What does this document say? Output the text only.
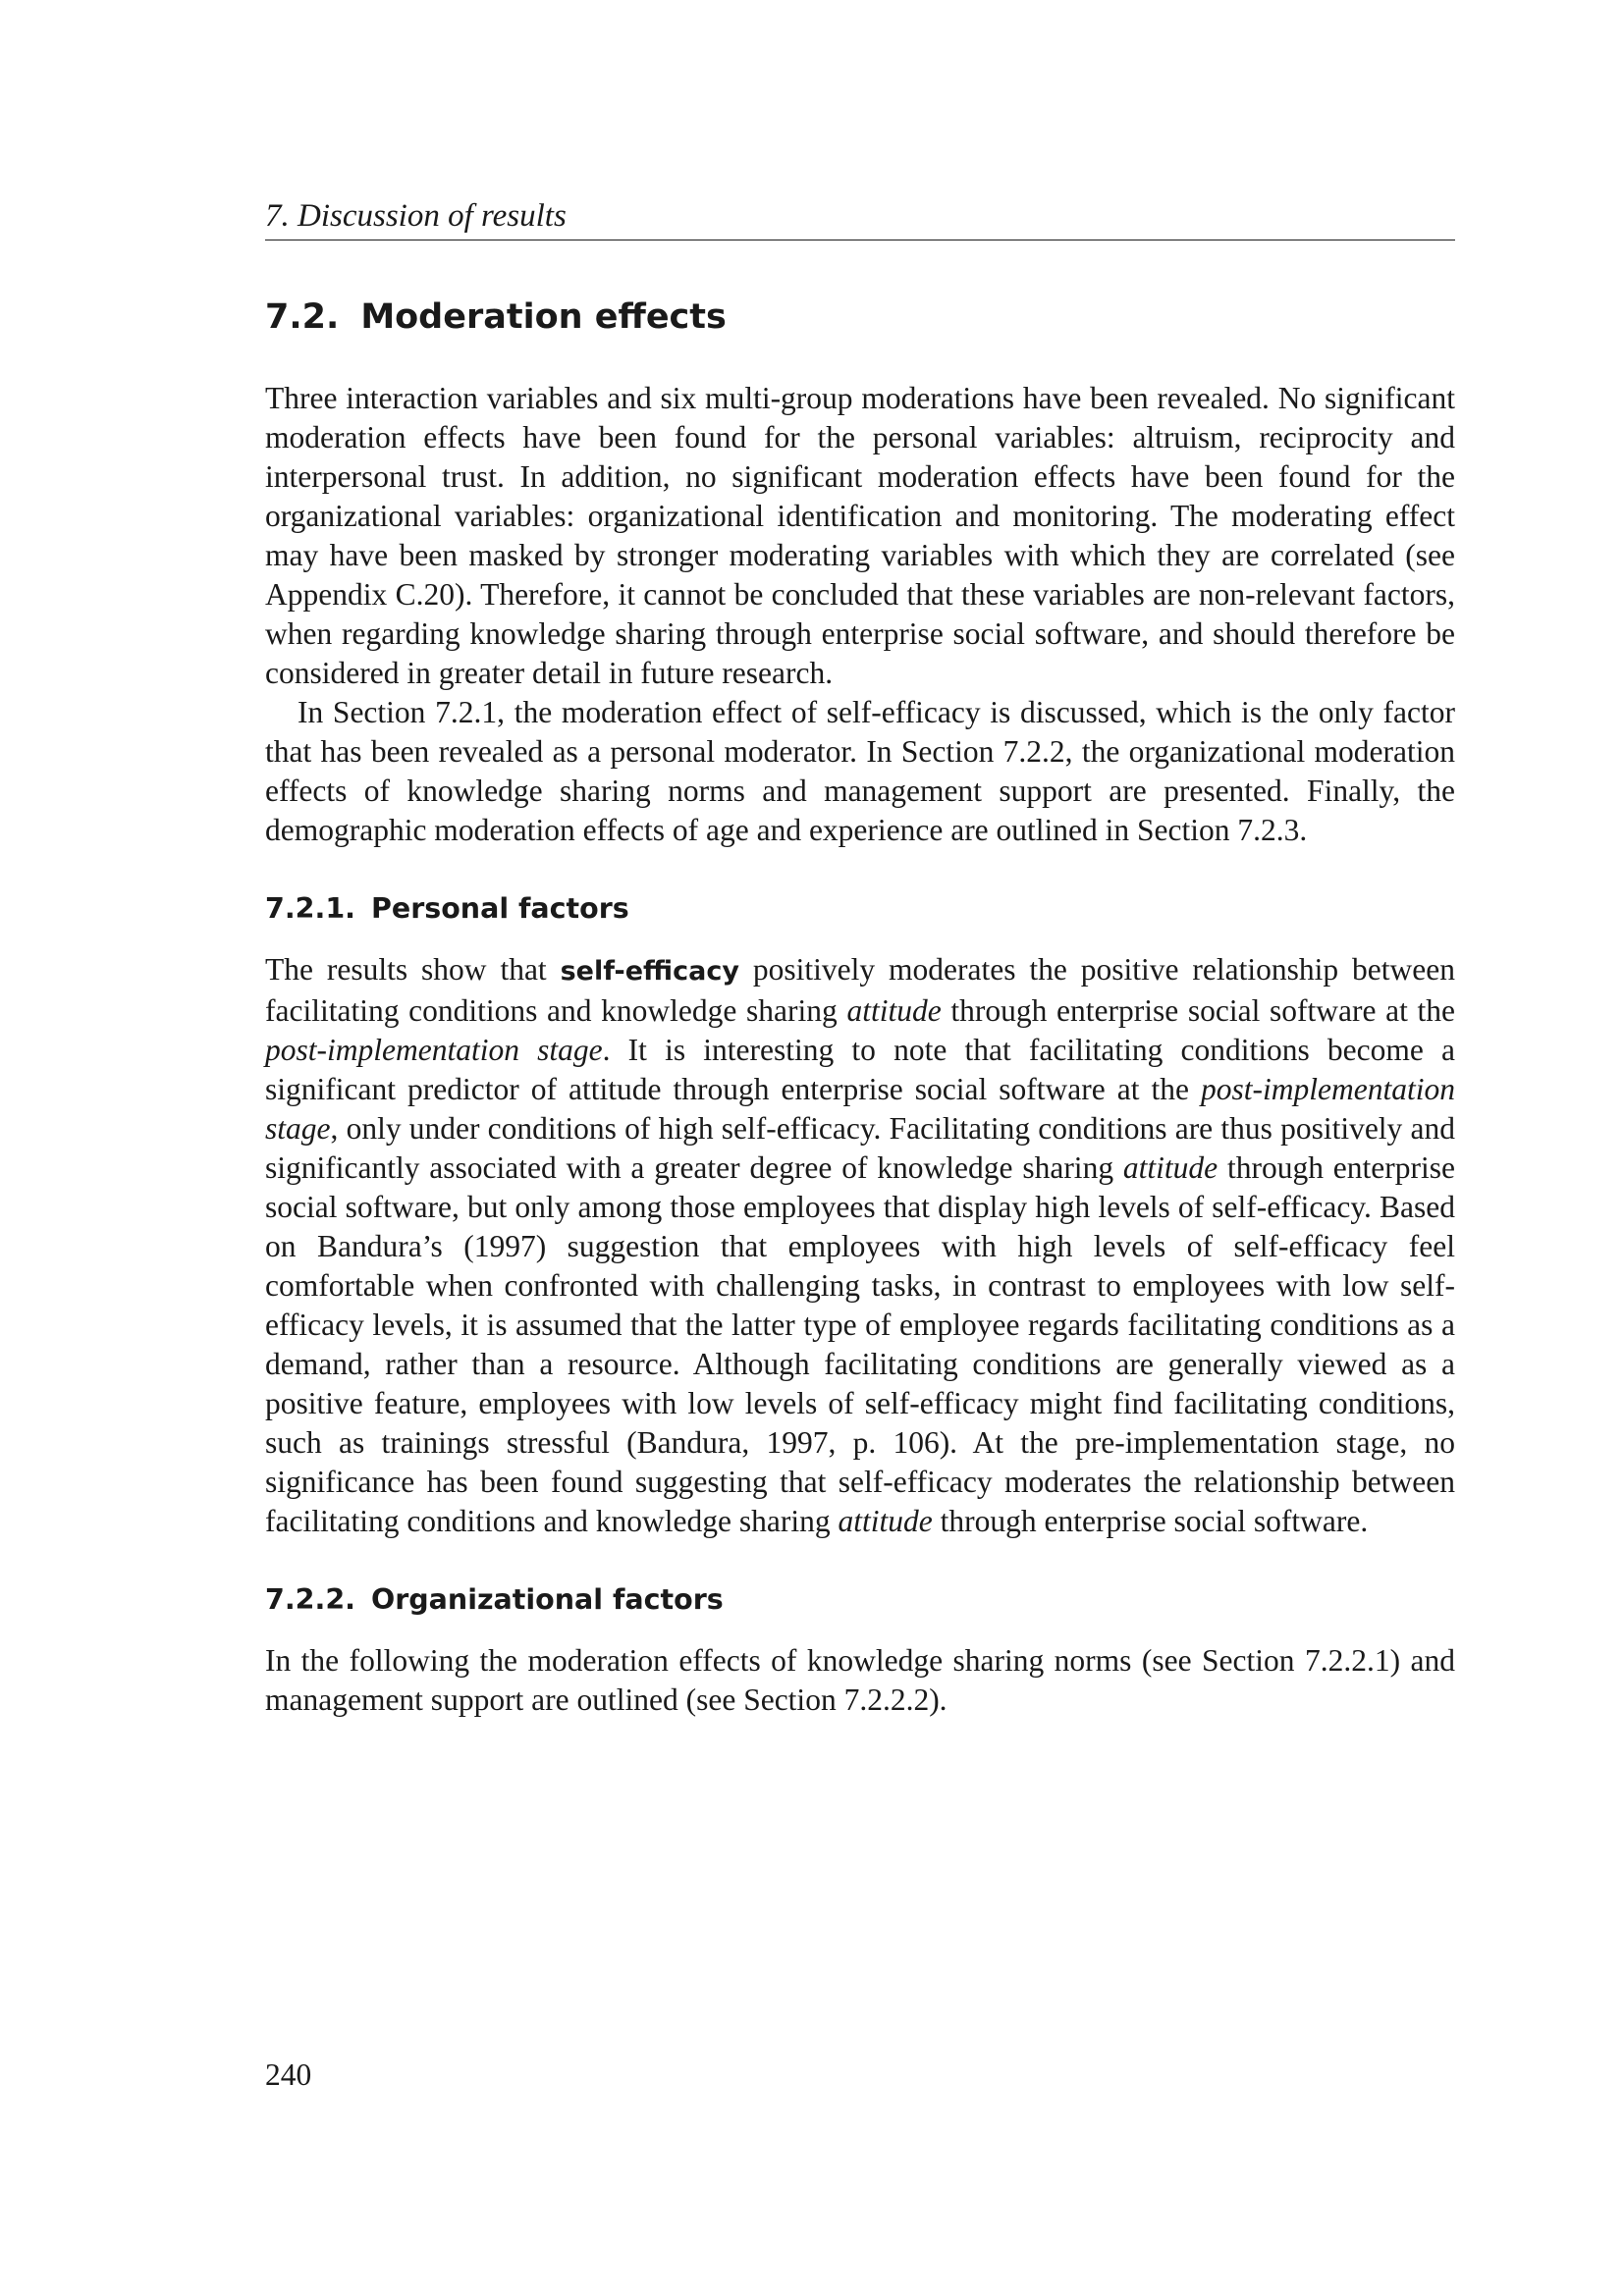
7. Discussion of results
7.2. Moderation effects

Three interaction variables and six multi-group moderations have been revealed. No significant moderation effects have been found for the personal variables: altruism, reciprocity and interpersonal trust. In addition, no significant moderation effects have been found for the organizational variables: organizational identification and monitoring. The moderating effect may have been masked by stronger moderating variables with which they are correlated (see Appendix C.20). Therefore, it cannot be concluded that these variables are non-relevant factors, when regarding knowledge sharing through enterprise social software, and should therefore be considered in greater detail in future research.

In Section 7.2.1, the moderation effect of self-efficacy is discussed, which is the only factor that has been revealed as a personal moderator. In Section 7.2.2, the organizational moderation effects of knowledge sharing norms and management support are presented. Finally, the demographic moderation effects of age and experience are outlined in Section 7.2.3.

7.2.1. Personal factors

The results show that self-efficacy positively moderates the positive relationship between facilitating conditions and knowledge sharing attitude through enterprise social software at the post-implementation stage. It is interesting to note that facilitating conditions become a significant predictor of attitude through enterprise social software at the post-implementation stage, only under conditions of high self-efficacy. Facilitating conditions are thus positively and significantly associated with a greater degree of knowledge sharing attitude through enterprise social software, but only among those employees that display high levels of self-efficacy. Based on Bandura’s (1997) suggestion that employees with high levels of self-efficacy feel comfortable when confronted with challenging tasks, in contrast to employees with low self-efficacy levels, it is assumed that the latter type of employee regards facilitating conditions as a demand, rather than a resource. Although facilitating conditions are generally viewed as a positive feature, employees with low levels of self-efficacy might find facilitating conditions, such as trainings stressful (Bandura, 1997, p. 106). At the pre-implementation stage, no significance has been found suggesting that self-efficacy moderates the relationship between facilitating conditions and knowledge sharing attitude through enterprise social software.

7.2.2. Organizational factors

In the following the moderation effects of knowledge sharing norms (see Section 7.2.2.1) and management support are outlined (see Section 7.2.2.2).

240
